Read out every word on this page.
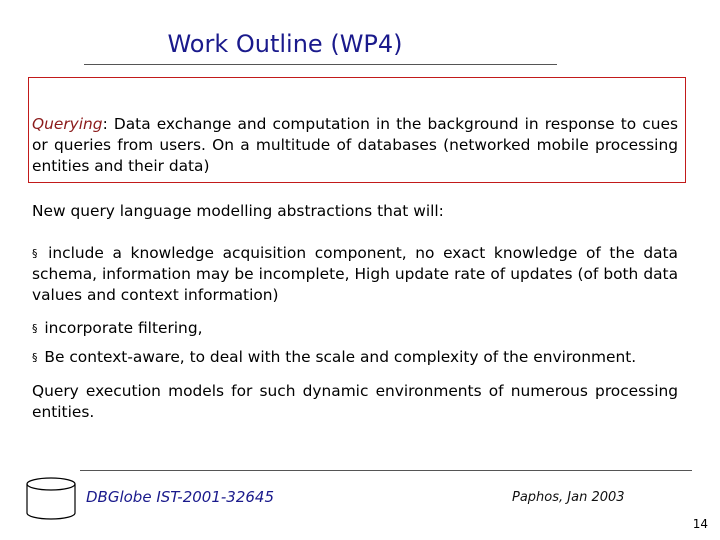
Work Outline (WP4)
Querying: Data exchange and computation in the background in response to cues or queries from users. On a multitude of databases (networked mobile processing entities and their data)
New query language modelling abstractions that will:
§ include a knowledge acquisition component, no exact knowledge of the data schema, information may be incomplete, High update rate of updates (of both data values and context information)
§ incorporate filtering,
§ Be context-aware, to deal with the scale and complexity of the environment.
Query execution models for such dynamic environments of numerous processing entities.
DBGlobe IST-2001-32645	Paphos, Jan 2003
14
